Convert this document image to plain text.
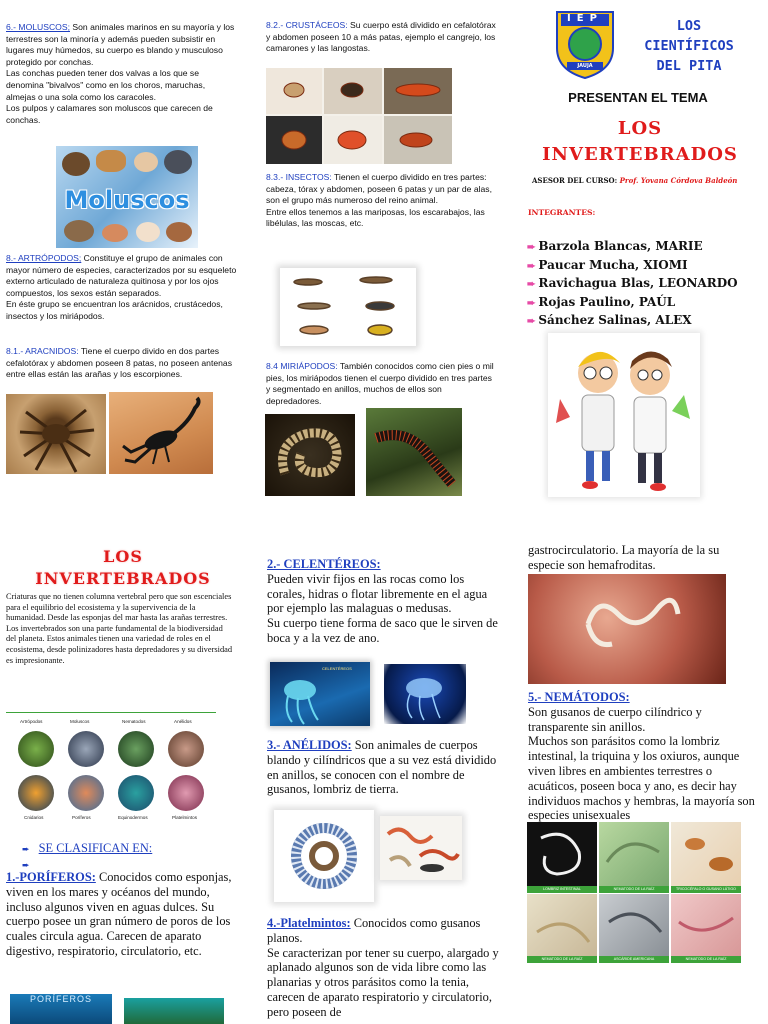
6.- MOLUSCOS; Son animales marinos en su mayoría y los terrestres son la minoría y además pueden subsistir en lugares muy húmedos, su cuerpo es blando y musculoso protegido por conchas.
Las conchas pueden tener dos valvas a los que se denomina "bivalvos" como en los choros, maruchas, almejas o una sola como los caracoles.
Los pulpos y calamares son moluscos que carecen de conchas.
Moluscos
8.- ARTRÓPODOS; Constituye el grupo de animales con mayor número de especies, caracterizados por su esqueleto externo articulado de naturaleza quitinosa y por los ojos compuestos, los sexos están separados.
En éste grupo se encuentran los arácnidos, crustácedos, insectos y los miriápodos.
8.1.- ARACNIDOS: Tiene el cuerpo divido en dos partes cefalotórax y abdomen poseen 8 patas, no poseen antenas entre ellas están las arañas y los escorpiones.
8.2.- CRUSTÁCEOS: Su cuerpo está dividido en cefalotórax y abdomen poseen 10 a más patas, ejemplo el cangrejo, los camarones y las langostas.
8.3.- INSECTOS: Tienen el cuerpo dividido en tres partes: cabeza, tórax y abdomen, poseen 6 patas y un par de alas, son el grupo más numeroso del reino animal.
Entre ellos tenemos a las mariposas, los escarabajos, las libélulas, las moscas, etc.
8.4 MIRIÁPODOS: También conocidos como cien pies o mil pies, los miriápodos tienen el cuerpo dividido en tres partes y segmentado en anillos, muchos de ellos son depredadores.
IEP
JAUJA
LOS
CIENTÍFICOS
DEL PITA
PRESENTAN EL TEMA
LOS
INVERTEBRADOS
ASESOR DEL CURSO: Prof. Yovana Córdova Baldeón
INTEGRANTES:
➨ Barzola Blancas, MARIE
➨ Paucar Mucha, XIOMI
➨ Ravichagua Blas, LEONARDO
➨ Rojas Paulino, PAÚL
➨ Sánchez Salinas, ALEX
LOS
INVERTEBRADOS
Criaturas que no tienen columna vertebral pero que son escenciales para el equilibrio del ecosistema y la supervivencia de la humanidad. Desde las esponjas del mar hasta las arañas terrestres.
Los invertebrados son una parte fundamental de la biodiversidad del planeta. Estos animales tienen una variedad de roles en el ecosistema, desde polinizadores hasta depredadores y su diversidad es impresionante.
Artrópodos	Moluscos	Nematodos	Anélidos
Cnidarios	Poríferos	Equinodermos	Platelmintos
➨ SE CLASIFICAN EN:
➨
1.-PORÍFEROS: Conocidos como esponjas, viven en los mares y océanos del mundo, incluso algunos viven en aguas dulces. Su cuerpo posee un gran número de poros de los cuales circula agua. Carecen de aparato digestivo, respiratorio, circulatorio, etc.
PORÍFEROS
2.- CELENTÉREOS:
Pueden vivir fijos en las rocas como los corales, hidras o flotar libremente en el agua por ejemplo las malaguas o medusas.
Su cuerpo tiene forma de saco que le sirven de boca y a la vez de ano.
CELENTÉREOS
3.- ANÉLIDOS: Son animales de cuerpos blando y cilíndricos que a su vez está dividido en anillos, se conocen con el nombre de gusanos, lombriz de tierra.
4.-Platelmintos: Conocidos como gusanos planos.
Se caracterizan por tener su cuerpo, alargado y aplanado algunos son de vida libre como las planarias y otros parásitos como la tenia, carecen de aparato respiratorio y circulatorio, pero poseen de
gastrocirculatorio. La mayoría de la su especie son hemafroditas.
5.- NEMÁTODOS:
Son gusanos de cuerpo cilíndrico y transparente sin anillos.
Muchos son parásitos como la lombriz intestinal, la triquina y los oxiuros, aunque viven libres en ambientes terrestres o acuáticos, poseen boca y ano, es decir hay individuos machos y hembras, la mayoría son especies unisexuales
LOMBRIZ INTESTINAL	NEMATODO DE LA RAÍZ	TRICOCÉFALO O GUSANO LÁTIGO
NEMATODO DE LA RAÍZ	ASCÁRIDE AMERICANA	NEMATODO DE LA RAÍZ
